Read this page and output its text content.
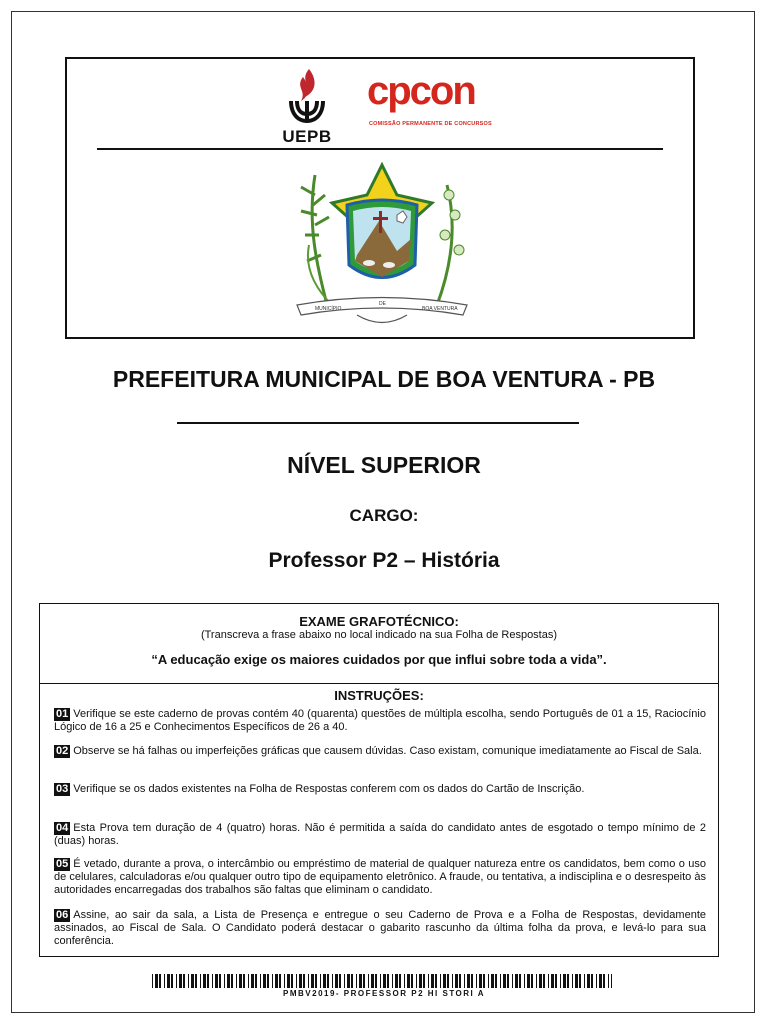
UEPB
cpcon
COMISSÃO PERMANENTE DE CONCURSOS
MUNICÍPIO
DE
BOA VENTURA
PREFEITURA MUNICIPAL DE BOA VENTURA - PB
NÍVEL SUPERIOR
CARGO:
Professor P2 – História
EXAME GRAFOTÉCNICO:
(Transcreva a frase abaixo no local indicado na sua Folha de Respostas)
“A educação exige os maiores cuidados por que influi sobre toda a vida”.
INSTRUÇÕES:
01 Verifique se este caderno de provas contém 40 (quarenta) questões de múltipla escolha, sendo Português de 01 a 15, Raciocínio Lógico de 16 a 25 e Conhecimentos Específicos de 26 a 40.
02 Observe se há falhas ou imperfeições gráficas que causem dúvidas. Caso existam, comunique imediatamente ao Fiscal de Sala.
03 Verifique se os dados existentes na Folha de Respostas conferem com os dados do Cartão de Inscrição.
04 Esta Prova tem duração de 4 (quatro) horas. Não é permitida a saída do candidato antes de esgotado o tempo mínimo de 2 (duas) horas.
05 É vetado, durante a prova, o intercâmbio ou empréstimo de material de qualquer natureza entre os candidatos, bem como o uso de celulares, calculadoras e/ou qualquer outro tipo de equipamento eletrônico. A fraude, ou tentativa, a indisciplina e o desrespeito às autoridades encarregadas dos trabalhos são faltas que eliminam o candidato.
06 Assine, ao sair da sala, a Lista de Presença e entregue o seu Caderno de Prova e a Folha de Respostas, devidamente assinados, ao Fiscal de Sala. O Candidato poderá destacar o gabarito rascunho da última folha da prova, e levá-lo para sua conferência.
PMBV2019- PROFESSOR P2 HI STORI A
